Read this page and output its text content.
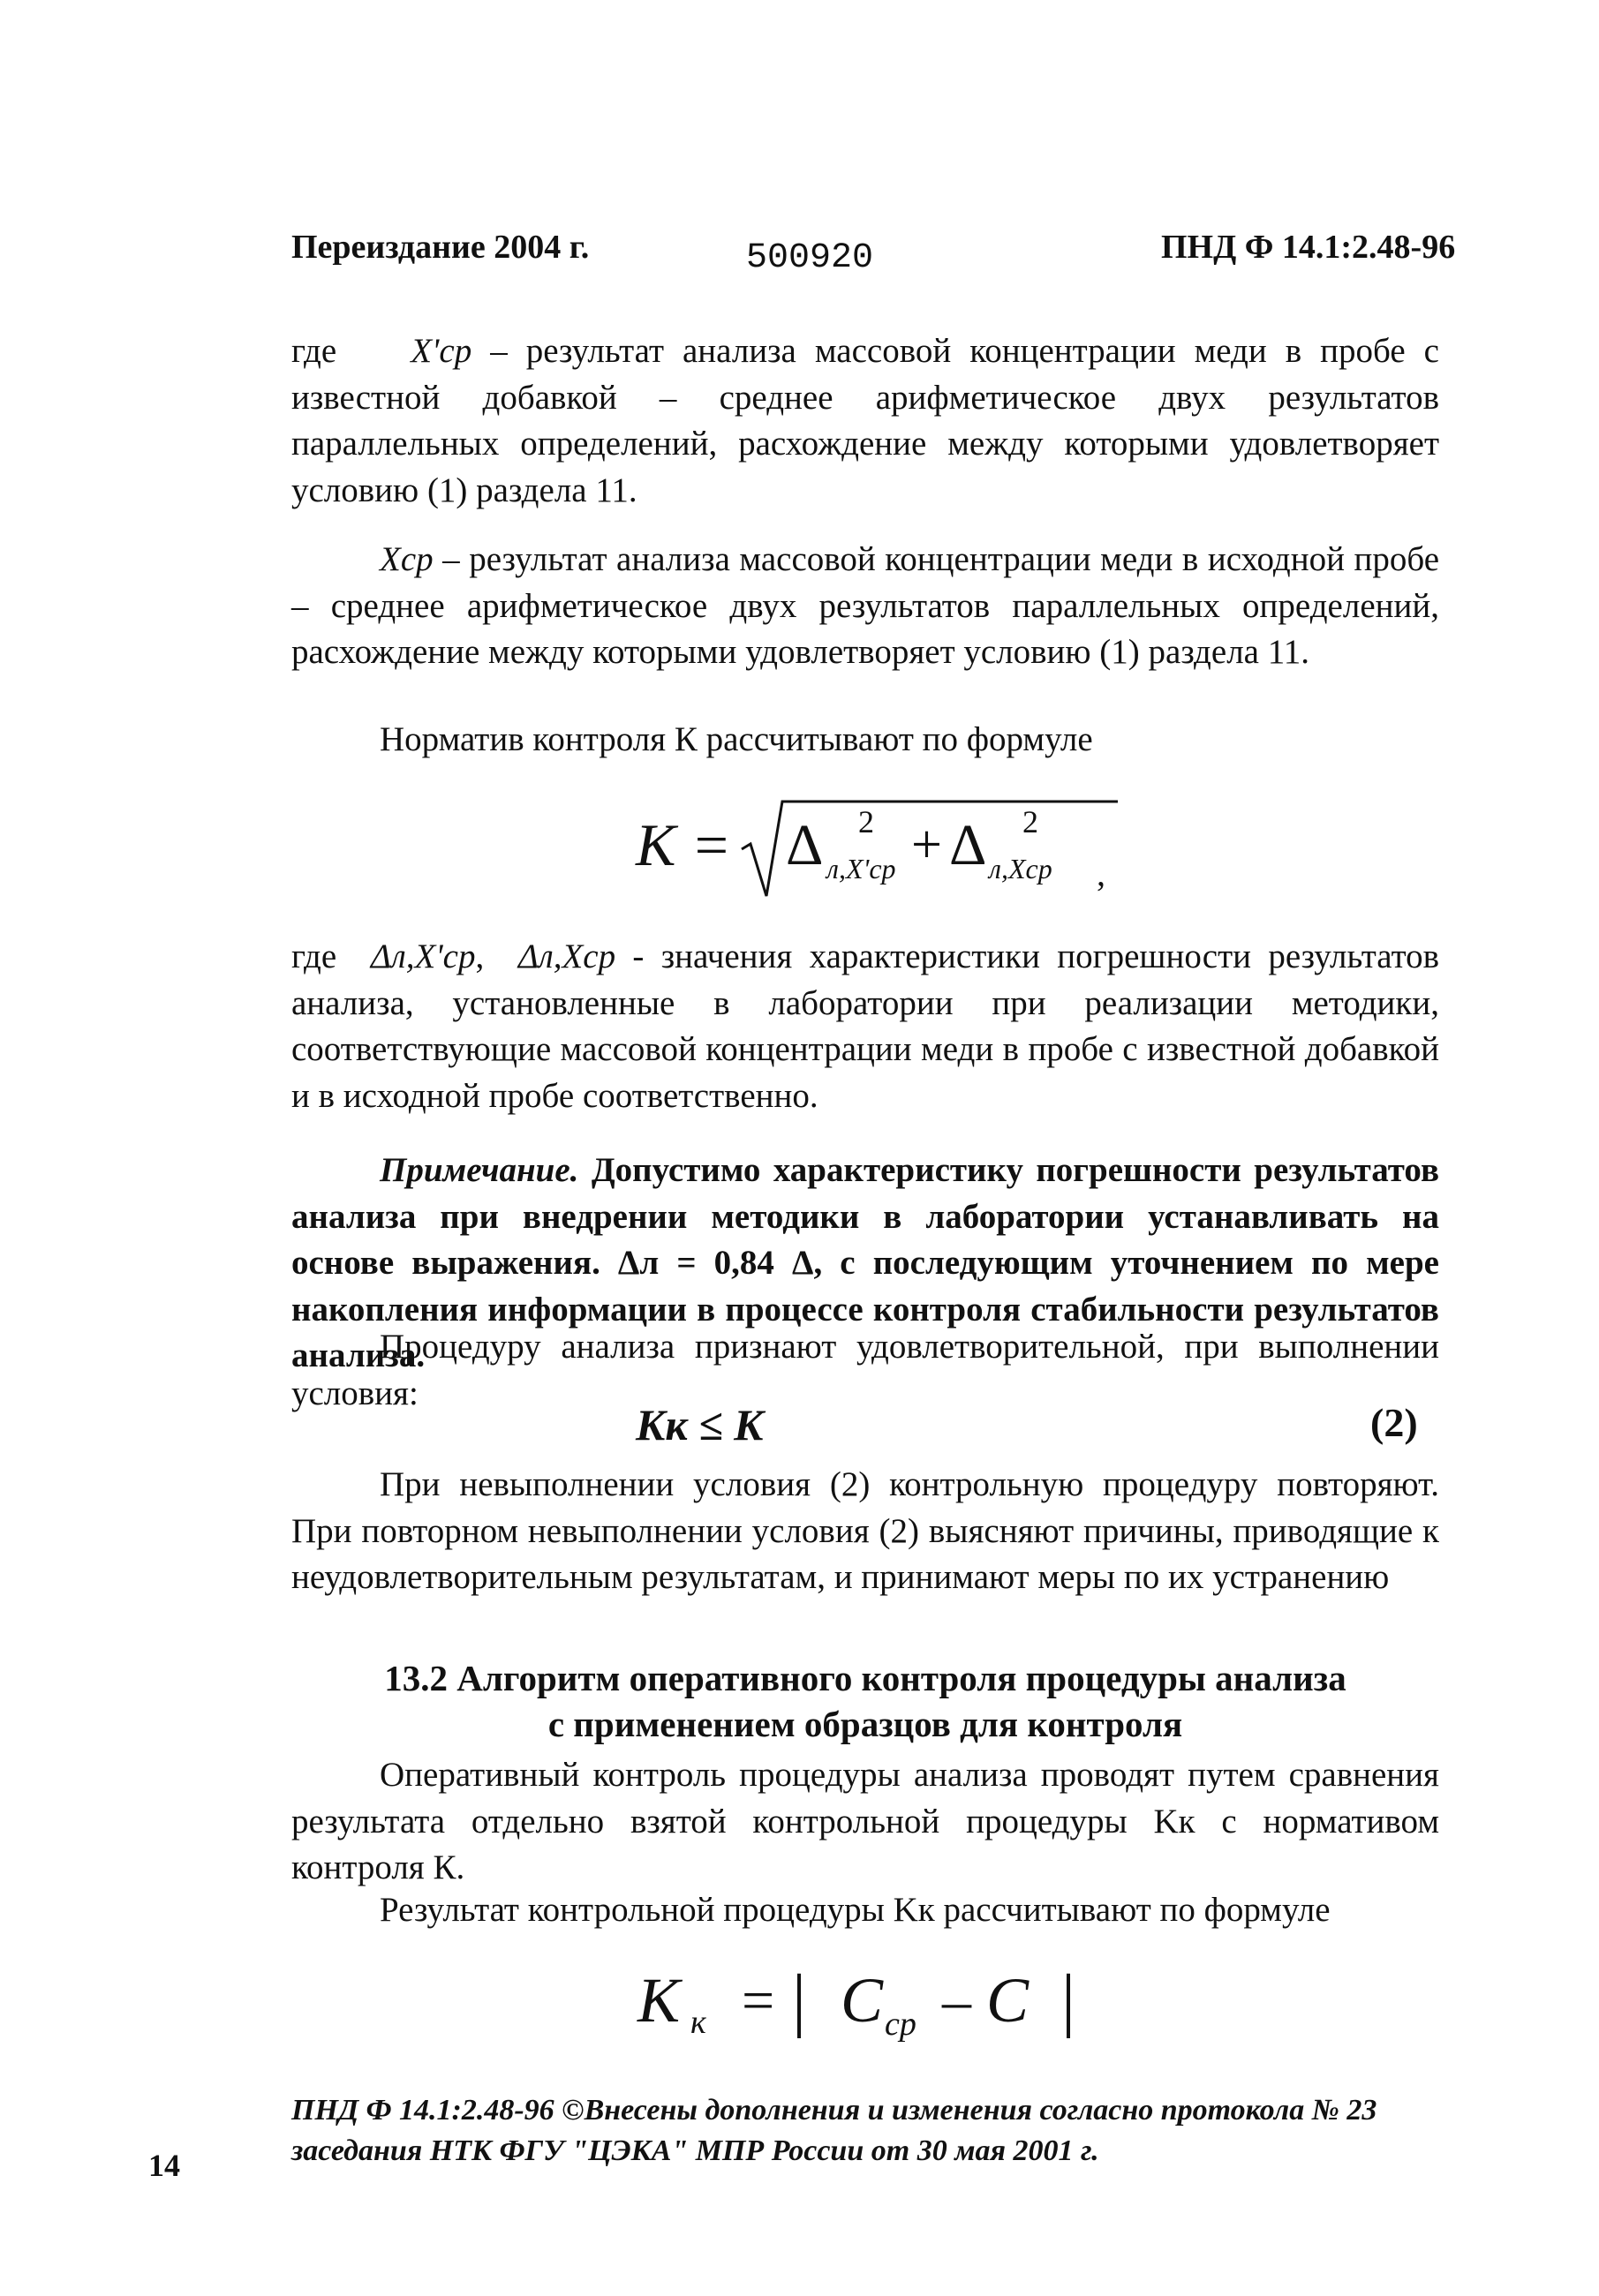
Переиздание 2004 г.	500920	ПНД Ф 14.1:2.48-96
где X'ср – результат анализа массовой концентрации меди в пробе с известной добавкой – среднее арифметическое двух результатов параллельных определений, расхождение между которыми удовлетворяет условию (1) раздела 11.
Xср – результат анализа массовой концентрации меди в исходной пробе – среднее арифметическое двух результатов параллельных определений, расхождение между которыми удовлетворяет условию (1) раздела 11.
Норматив контроля К рассчитывают по формуле
K = Δ 2
л,X'ср + Δ 2
л,Xср ,
где Δл,X'ср, Δл,Xср - значения характеристики погрешности результатов анализа, установленные в лаборатории при реализации методики, соответствующие массовой концентрации меди в пробе с известной добавкой и в исходной пробе соответственно.
Примечание. Допустимо характеристику погрешности результатов анализа при внедрении методики в лаборатории устанавливать на основе выражения. Δл = 0,84 Δ, с последующим уточнением по мере накопления информации в процессе контроля стабильности результатов анализа.
Процедуру анализа признают удовлетворительной, при выполнении условия:
Kк ≤ K	(2)
При невыполнении условия (2) контрольную процедуру повторяют. При повторном невыполнении условия (2) выясняют причины, приводящие к неудовлетворительным результатам, и принимают меры по их устранению
13.2 Алгоритм оперативного контроля процедуры анализа
с применением образцов для контроля
Оперативный контроль процедуры анализа проводят путем сравнения результата отдельно взятой контрольной процедуры Kк с нормативом контроля К.
Результат контрольной процедуры Kк рассчитывают по формуле
K к = | C ср – C |
ПНД Ф 14.1:2.48-96 ©Внесены дополнения и изменения согласно протокола № 23
заседания НТК ФГУ "ЦЭКА" МПР России от 30 мая 2001 г.
14
